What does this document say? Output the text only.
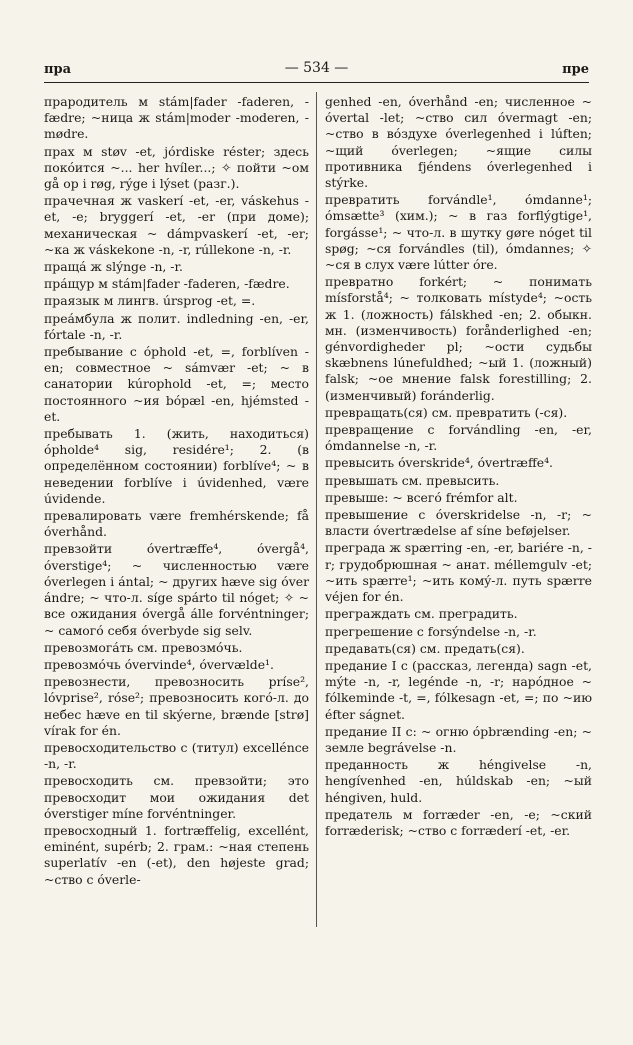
пра	— 534 —	пре

прародитель м stám|fader -faderen, -fædre; ~ница ж stám|moder -moderen, -mødre.

прах м støv -et, jórdiske réster; здесь покóится ~... her hvíler...; ✧ пойти ~ом gå op i røg, rýge i lýset (разг.).

прачечная ж vaskerí -et, -er, váskehus -et, -e; bryggerí -et, -er (при доме); механическая ~ dámpvaskerí -et, -er; ~ка ж váskekone -n, -r, rúllekone -n, -r.

пращá ж slýnge -n, -r.

прáщур м stám|fader -faderen, -fædre.

праязык м лингв. úrsprog -et, =.

преáмбула ж полит. indledning -en, -er, fórtale -n, -r.

пребывание с óphold -et, =, forblíven -en; совместное ~ sámvær -et; ~ в санатории kúrophold -et, =; место постоянного ~ия bópæl -en, hjémsted -et.

пребывать 1. (жить, находиться) ópholde⁴ sig, residére¹; 2. (в определённом состоянии) forblíve⁴; ~ в неведении forblíve i úvidenhed, være úvidende.

превалировать være fremhérskende; få óverhånd.

превзойти óvertræffe⁴, óvergå⁴, óverstige⁴; ~ численностью være óverlegen i ántal; ~ других hæve sig óver ándre; ~ что-л. síge spárto til nóget; ✧ ~ все ожидания óvergå álle forvéntninger; ~ самогó себя óverbyde sig selv.

превозмогáть см. превозмóчь.

превозмóчь óvervinde⁴, óvervælde¹.

превознести, превозносить príse², lóvprise², róse²; превозносить когó-л. до небес hæve en til skýerne, brænde [strø] vírak for én.

превосходительство с (титул) excellénce -n, -r.

превосходить см. превзойти; это превосходит мои ожидания det óverstiger míne forvéntninger.

превосходный 1. fortræffelig, excellént, eminént, supérb; 2. грам.: ~ная степень superlatív -en (-et), den højeste grad; ~ство с óverle-

genhed -en, óverhånd -en; численное ~ óvertal -let; ~ство сил óvermagt -en; ~ство в вóздухе óverlegenhed i lúften; ~щий óverlegen; ~ящие силы противника fjéndens óverlegenhed i stýrke.

превратить forvándle¹, ómdanne¹; ómsætte³ (хим.); ~ в газ forflýgtige¹, forgásse¹; ~ что-л. в шутку gøre nóget til spøg; ~ся forvándles (til), ómdannes; ✧ ~ся в слух være lútter óre.

превратно forkért; ~ понимать mísforstå⁴; ~ толковать místyde⁴; ~ость ж 1. (ложность) fálskhed -en; 2. обыкн. мн. (изменчивость) forånderlighed -en; génvordigheder pl; ~ости судьбы skæbnens lúnefuldhed; ~ый 1. (ложный) falsk; ~ое мнение falsk forestilling; 2. (изменчивый) foránderlig.

превращать(ся) см. превратить (-ся).

превращение с forvándling -en, -er, ómdannelse -n, -r.

превысить óverskride⁴, óvertræffe⁴.

превышать см. превысить.

превыше: ~ всегó frémfor alt.

превышение с óverskridelse -n, -r; ~ власти óvertrædelse af síne beføjelser.

преграда ж spærring -en, -er, bariére -n, -r; грудобрюшная ~ анат. méllemgulv -et; ~ить spærre¹; ~ить комý-л. путь spærre véjen for én.

преграждать см. преградить.

прегрешение с forsýndelse -n, -r.

предавать(ся) см. предать(ся).

предание I с (рассказ, легенда) sagn -et, mýte -n, -r, legénde -n, -r; нарóдное ~ fólkeminde -t, =, fólkesagn -et, =; по ~ию éfter ságnet.

предание II с: ~ огню ópbrænding -en; ~ земле begrávelse -n.

преданность ж héngivelse -n, hengívenhed -en, húldskab -en; ~ый héngiven, huld.

предатель м forræder -en, -e; ~ский forræderisk; ~ство с forræderí -et, -er.
